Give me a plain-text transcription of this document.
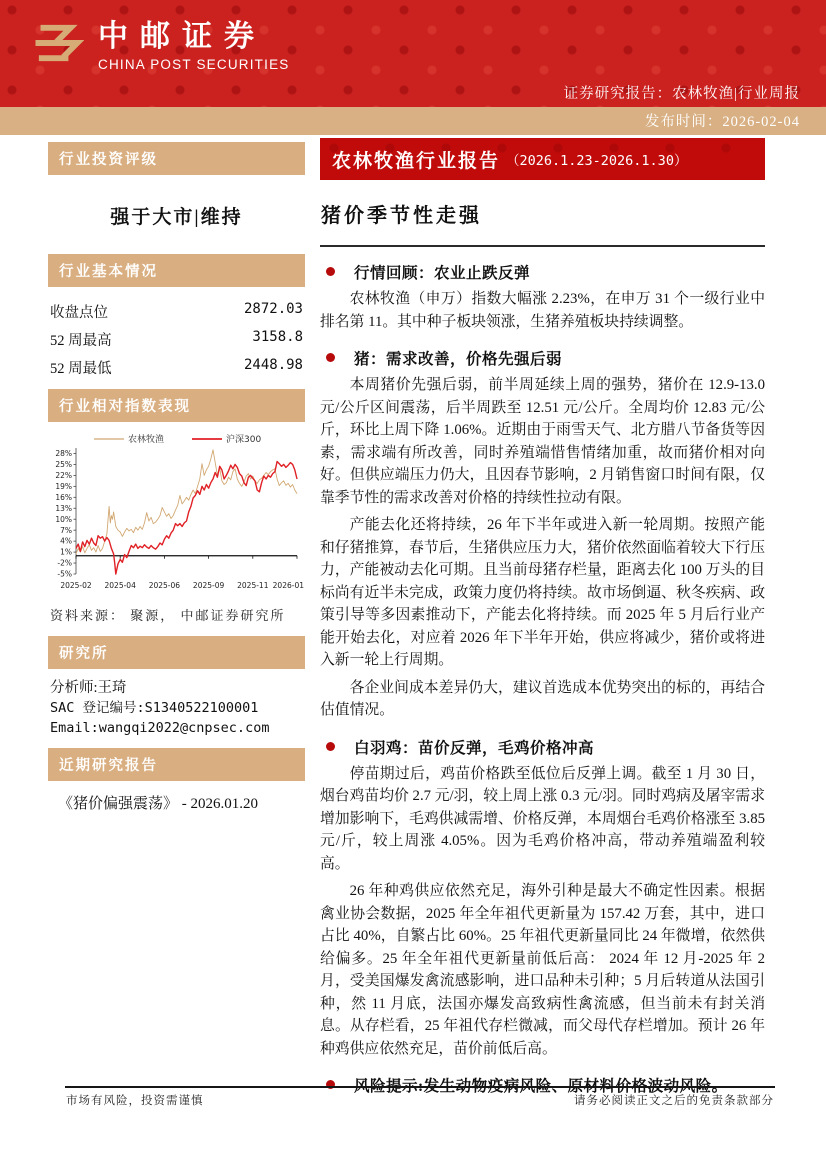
中邮证券
CHINA POST SECURITIES
证券研究报告：农林牧渔|行业周报
发布时间：2026-02-04
行业投资评级
强于大市|维持
行业基本情况
收盘点位	2872.03
52 周最高	3158.8
52 周最低	2448.98
行业相对指数表现
农林牧渔	沪深300
28%
25%
22%
19%
16%
13%
10%
7%
4%
1%
-2%
-5%
2025-02 2025-04 2025-06 2025-09 2025-11 2026-01
资料来源： 聚源， 中邮证券研究所
研究所
分析师:王琦
SAC 登记编号:S1340522100001
Email:wangqi2022@cnpsec.com
近期研究报告
《猪价偏强震荡》 - 2026.01.20
农林牧渔行业报告 （2026.1.23-2026.1.30）
猪价季节性走强
行情回顾：农业止跌反弹

农林牧渔（申万）指数大幅涨 2.23%，在申万 31 个一级行业中排名第 11。其中种子板块领涨，生猪养殖板块持续调整。

猪：需求改善，价格先强后弱

本周猪价先强后弱，前半周延续上周的强势，猪价在 12.9-13.0 元/公斤区间震荡，后半周跌至 12.51 元/公斤。全周均价 12.83 元/公斤，环比上周下降 1.06%。近期由于雨雪天气、北方腊八节备货等因素，需求端有所改善，同时养殖端惜售情绪加重，故而猪价相对向好。但供应端压力仍大，且因春节影响，2 月销售窗口时间有限，仅靠季节性的需求改善对价格的持续性拉动有限。

产能去化还将持续，26 年下半年或进入新一轮周期。按照产能和仔猪推算，春节后，生猪供应压力大，猪价依然面临着较大下行压力，产能被动去化可期。且当前母猪存栏量，距离去化 100 万头的目标尚有近半未完成，政策力度仍将持续。故市场倒逼、秋冬疾病、政策引导等多因素推动下，产能去化将持续。而 2025 年 5 月后行业产能开始去化，对应着 2026 年下半年开始，供应将减少，猪价或将进入新一轮上行周期。

各企业间成本差异仍大，建议首选成本优势突出的标的，再结合估值情况。

白羽鸡：苗价反弹，毛鸡价格冲高

停苗期过后，鸡苗价格跌至低位后反弹上调。截至 1 月 30 日，烟台鸡苗均价 2.7 元/羽，较上周上涨 0.3 元/羽。同时鸡病及屠宰需求增加影响下，毛鸡供减需增、价格反弹，本周烟台毛鸡价格涨至 3.85 元/斤，较上周涨 4.05%。因为毛鸡价格冲高，带动养殖端盈利较高。

26 年种鸡供应依然充足，海外引种是最大不确定性因素。根据禽业协会数据，2025 年全年祖代更新量为 157.42 万套，其中，进口占比 40%，自繁占比 60%。25 年祖代更新量同比 24 年微增，依然供给偏多。25 年全年祖代更新量前低后高： 2024 年 12 月-2025 年 2 月，受美国爆发禽流感影响，进口品种未引种；5 月后转道从法国引种，然 11 月底，法国亦爆发高致病性禽流感，但当前未有封关消息。从存栏看，25 年祖代存栏微减，而父母代存栏增加。预计 26 年种鸡供应依然充足，苗价前低后高。

风险提示:发生动物疫病风险、原材料价格波动风险。
市场有风险，投资需谨慎	请务必阅读正文之后的免责条款部分
